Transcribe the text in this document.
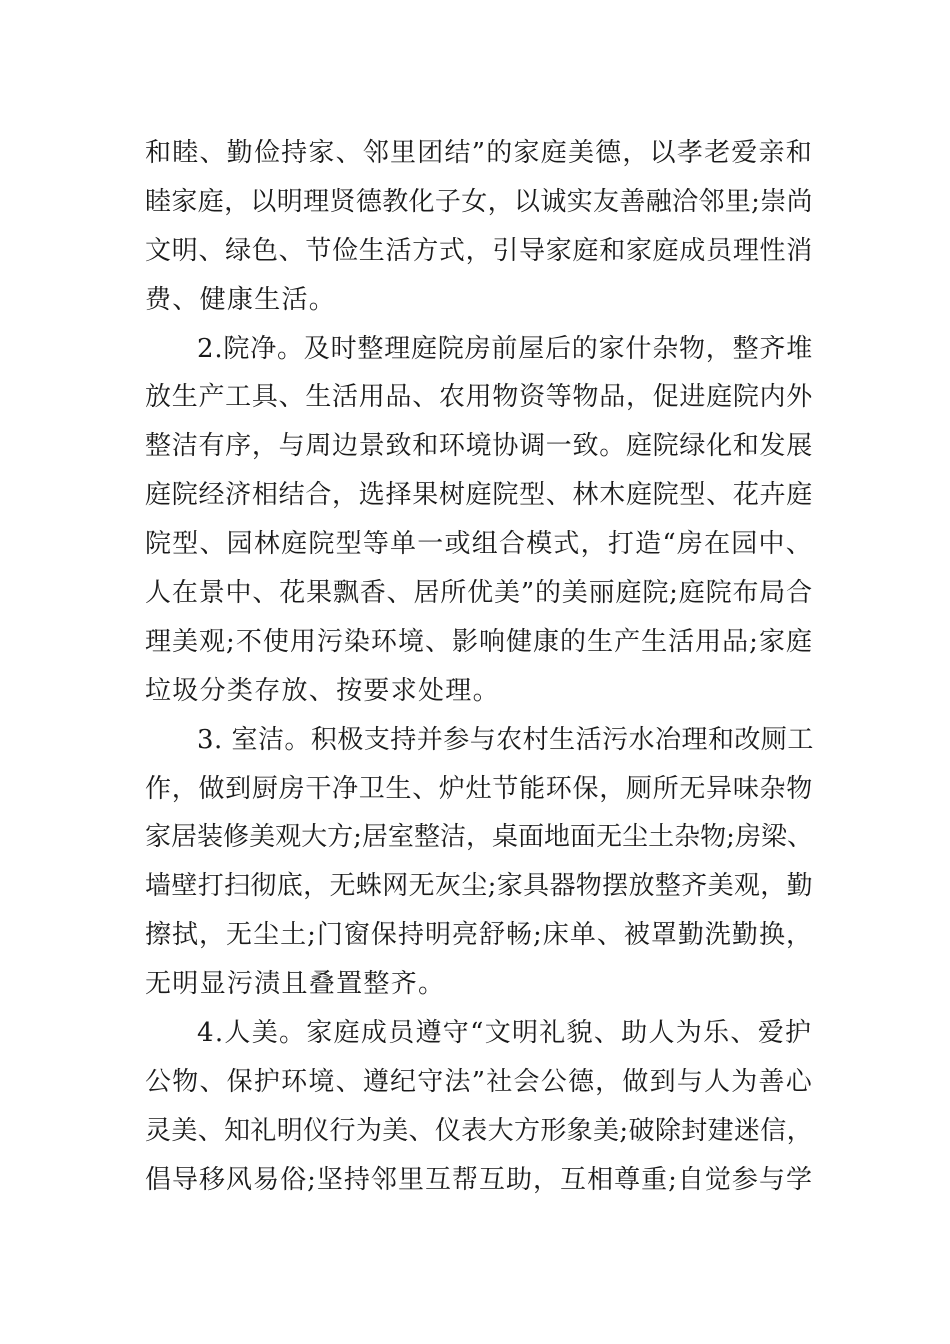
和睦、勤俭持家、邻里团结”的家庭美德，以孝老爱亲和
睦家庭，以明理贤德教化子女，以诚实友善融洽邻里;崇尚
文明、绿色、节俭生活方式，引导家庭和家庭成员理性消
费、健康生活。
2.院净。及时整理庭院房前屋后的家什杂物，整齐堆
放生产工具、生活用品、农用物资等物品，促进庭院内外
整洁有序，与周边景致和环境协调一致。庭院绿化和发展
庭院经济相结合，选择果树庭院型、林木庭院型、花卉庭
院型、园林庭院型等单一或组合模式，打造“房在园中、
人在景中、花果飘香、居所优美”的美丽庭院;庭院布局合
理美观;不使用污染环境、影响健康的生产生活用品;家庭
垃圾分类存放、按要求处理。
3. 室洁。积极支持并参与农村生活污水冶理和改厕工
作，做到厨房干净卫生、炉灶节能环保，厕所无异味杂物
家居装修美观大方;居室整洁，桌面地面无尘土杂物;房梁、
墙壁打扫彻底，无蛛网无灰尘;家具器物摆放整齐美观，勤
擦拭，无尘土;门窗保持明亮舒畅;床单、被罩勤洗勤换，
无明显污渍且叠置整齐。
4.人美。家庭成员遵守“文明礼貌、助人为乐、爱护
公物、保护环境、遵纪守法”社会公德，做到与人为善心
灵美、知礼明仪行为美、仪表大方形象美;破除封建迷信，
倡导移风易俗;坚持邻里互帮互助，互相尊重;自觉参与学
